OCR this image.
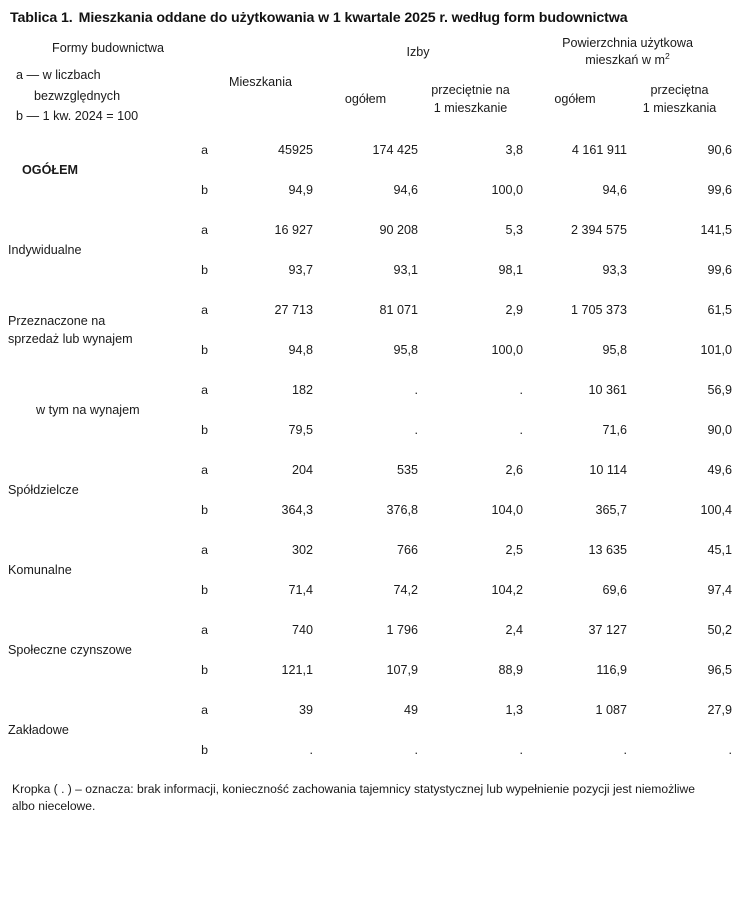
Tablica 1. Mieszkania oddane do użytkowania w 1 kwartale 2025 r. według form budownictwa
Formy budownictwa
a — w liczbach
bezwzględnych
b — 1 kw. 2024 = 100		Mieszkania	Izby		Powierzchnia użytkowa
mieszkań w $m^2$
			ogółem	przeciętnie na
1 mieszkanie	ogółem	przeciętna
1 mieszkania
OGÓŁEM	a	45925	174 425	3,8	4 161 911	90,6
	b	94,9	94,6	100,0	94,6	99,6
Indywidualne	a	16 927	90 208	5,3	2 394 575	141,5
	b	93,7	93,1	98,1	93,3	99,6
Przeznaczone na
sprzedaż lub wynajem	a	27 713	81 071	2,9	1 705 373	61,5
	b	94,8	95,8	100,0	95,8	101,0
w tym na wynajem	a	182	.	.	10 361	56,9
	b	79,5	.	.	71,6	90,0
Spółdzielcze	a	204	535	2,6	10 114	49,6
	b	364,3	376,8	104,0	365,7	100,4
Komunalne	a	302	766	2,5	13 635	45,1
	b	71,4	74,2	104,2	69,6	97,4
Społeczne czynszowe	a	740	1 796	2,4	37 127	50,2
	b	121,1	107,9	88,9	116,9	96,5
Zakładowe	a	39	49	1,3	1 087	27,9
	b	.	.	.	.	.
Kropka ( . ) – oznacza: brak informacji, konieczność zachowania tajemnicy statystycznej lub wypełnienie pozycji jest niemożliwe albo niecelowe.
